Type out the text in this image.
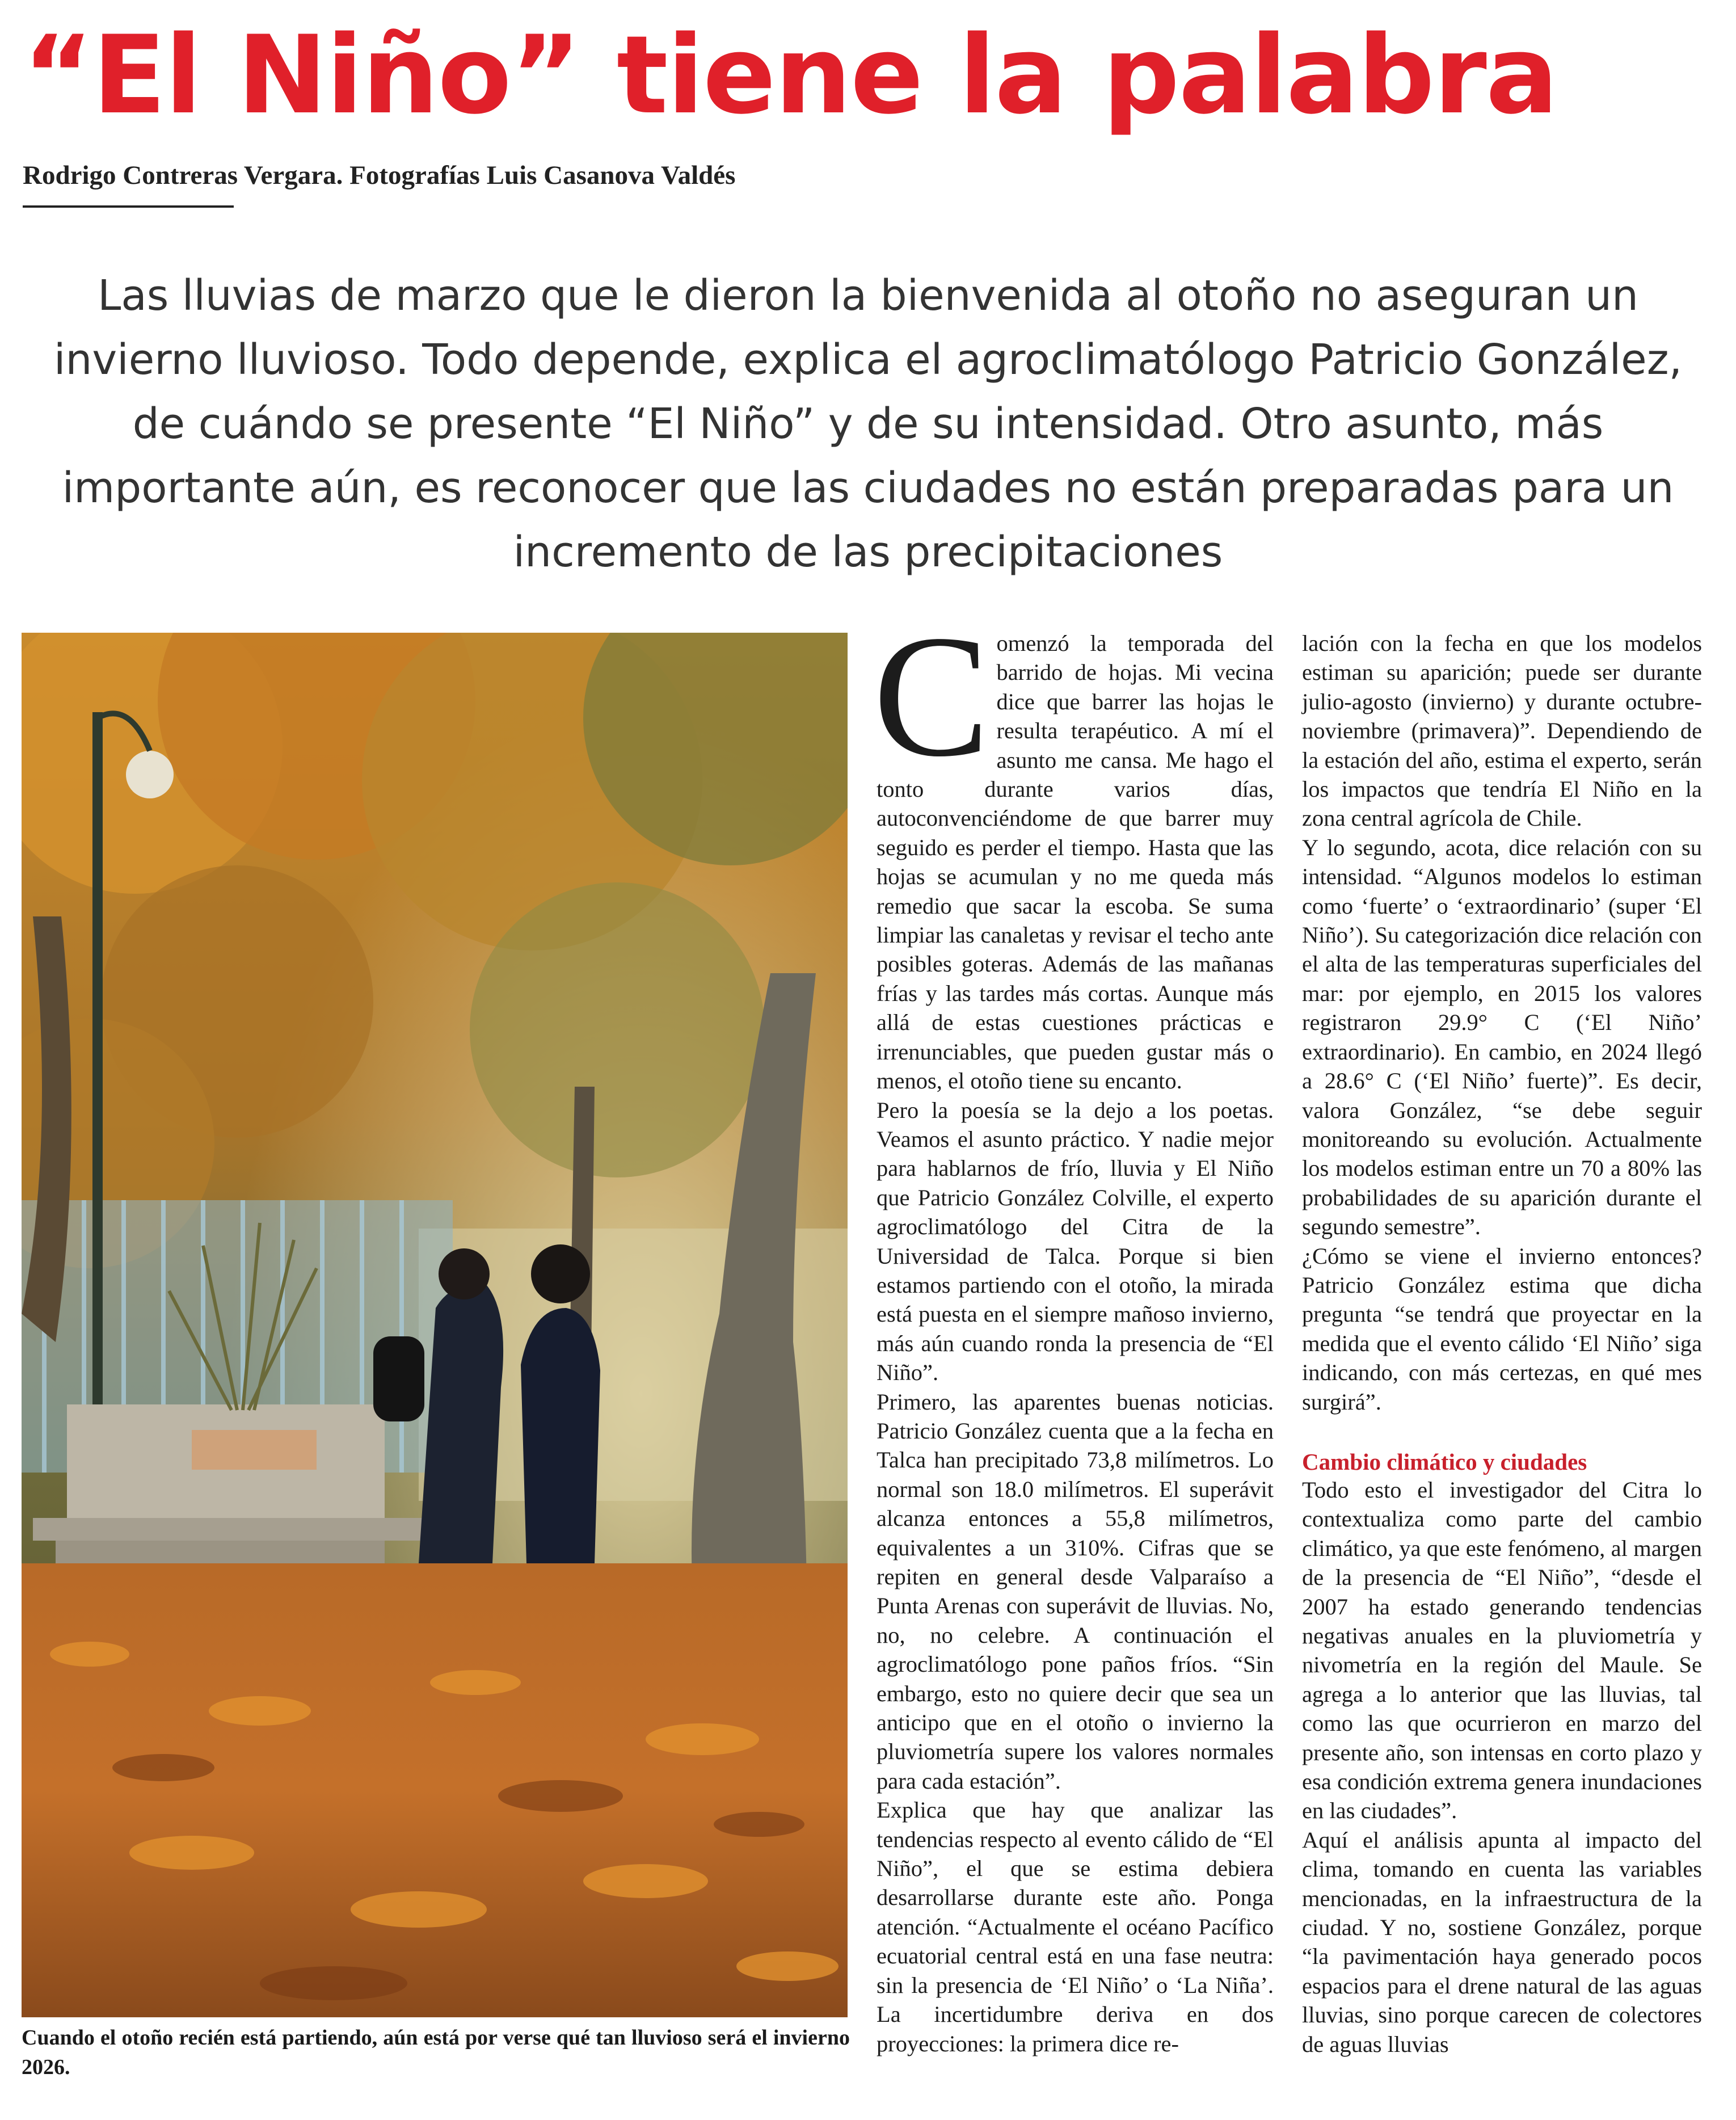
“El Niño” tiene la palabra
Rodrigo Contreras Vergara. Fotografías Luis Casanova Valdés

Las lluvias de marzo que le dieron la bienvenida al otoño no aseguran un invierno lluvioso. Todo depende, explica el agroclimatólogo Patricio González, de cuándo se presente “El Niño” y de su intensidad. Otro asunto, más importante aún, es reconocer que las ciudades no están preparadas para un incremento de las precipitaciones

Cuando el otoño recién está partiendo, aún está por verse qué tan lluvioso será el invierno 2026.

C omenzó la temporada del barrido de hojas. Mi vecina dice que barrer las hojas le resulta terapéutico. A mí el asunto me cansa. Me hago el tonto durante varios días, autoconvenciéndome de que barrer muy seguido es perder el tiempo. Hasta que las hojas se acumulan y no me queda más remedio que sacar la escoba. Se suma limpiar las canaletas y revisar el techo ante posibles goteras. Además de las mañanas frías y las tardes más cortas. Aunque más allá de estas cuestiones prácticas e irrenunciables, que pueden gustar más o menos, el otoño tiene su encanto.

Pero la poesía se la dejo a los poetas. Veamos el asunto práctico. Y nadie mejor para hablarnos de frío, lluvia y El Niño que Patricio González Colville, el experto agroclimatólogo del Citra de la Universidad de Talca. Porque si bien estamos partiendo con el otoño, la mirada está puesta en el siempre mañoso invierno, más aún cuando ronda la presencia de “El Niño”.

Primero, las aparentes buenas noticias. Patricio González cuenta que a la fecha en Talca han precipitado 73,8 milímetros. Lo normal son 18.0 milímetros. El superávit alcanza entonces a 55,8 milímetros, equivalentes a un 310%. Cifras que se repiten en general desde Valparaíso a Punta Arenas con superávit de lluvias. No, no, no celebre. A continuación el agroclimatólogo pone paños fríos. “Sin embargo, esto no quiere decir que sea un anticipo que en el otoño o invierno la pluviometría supere los valores normales para cada estación”.

Explica que hay que analizar las tendencias respecto al evento cálido de “El Niño”, el que se estima debiera desarrollarse durante este año. Ponga atención. “Actualmente el océano Pacífico ecuatorial central está en una fase neutra: sin la presencia de ‘El Niño’ o ‘La Niña’. La incertidumbre deriva en dos proyecciones: la primera dice re-

lación con la fecha en que los modelos estiman su aparición; puede ser durante julio-agosto (invierno) y durante octubre-noviembre (primavera)”. Dependiendo de la estación del año, estima el experto, serán los impactos que tendría El Niño en la zona central agrícola de Chile.

Y lo segundo, acota, dice relación con su intensidad. “Algunos modelos lo estiman como ‘fuerte’ o ‘extraordinario’ (super ‘El Niño’). Su categorización dice relación con el alta de las temperaturas superficiales del mar: por ejemplo, en 2015 los valores registraron 29.9° C (‘El Niño’ extraordinario). En cambio, en 2024 llegó a 28.6° C (‘El Niño’ fuerte)”. Es decir, valora González, “se debe seguir monitoreando su evolución. Actualmente los modelos estiman entre un 70 a 80% las probabilidades de su aparición durante el segundo semestre”.

¿Cómo se viene el invierno entonces? Patricio González estima que dicha pregunta “se tendrá que proyectar en la medida que el evento cálido ‘El Niño’ siga indicando, con más certezas, en qué mes surgirá”.

Cambio climático y ciudades

Todo esto el investigador del Citra lo contextualiza como parte del cambio climático, ya que este fenómeno, al margen de la presencia de “El Niño”, “desde el 2007 ha estado generando tendencias negativas anuales en la pluviometría y nivometría en la región del Maule. Se agrega a lo anterior que las lluvias, tal como las que ocurrieron en marzo del presente año, son intensas en corto plazo y esa condición extrema genera inundaciones en las ciudades”.

Aquí el análisis apunta al impacto del clima, tomando en cuenta las variables mencionadas, en la infraestructura de la ciudad. Y no, sostiene González, porque “la pavimentación haya generado pocos espacios para el drene natural de las aguas lluvias, sino porque carecen de colectores de aguas lluvias
